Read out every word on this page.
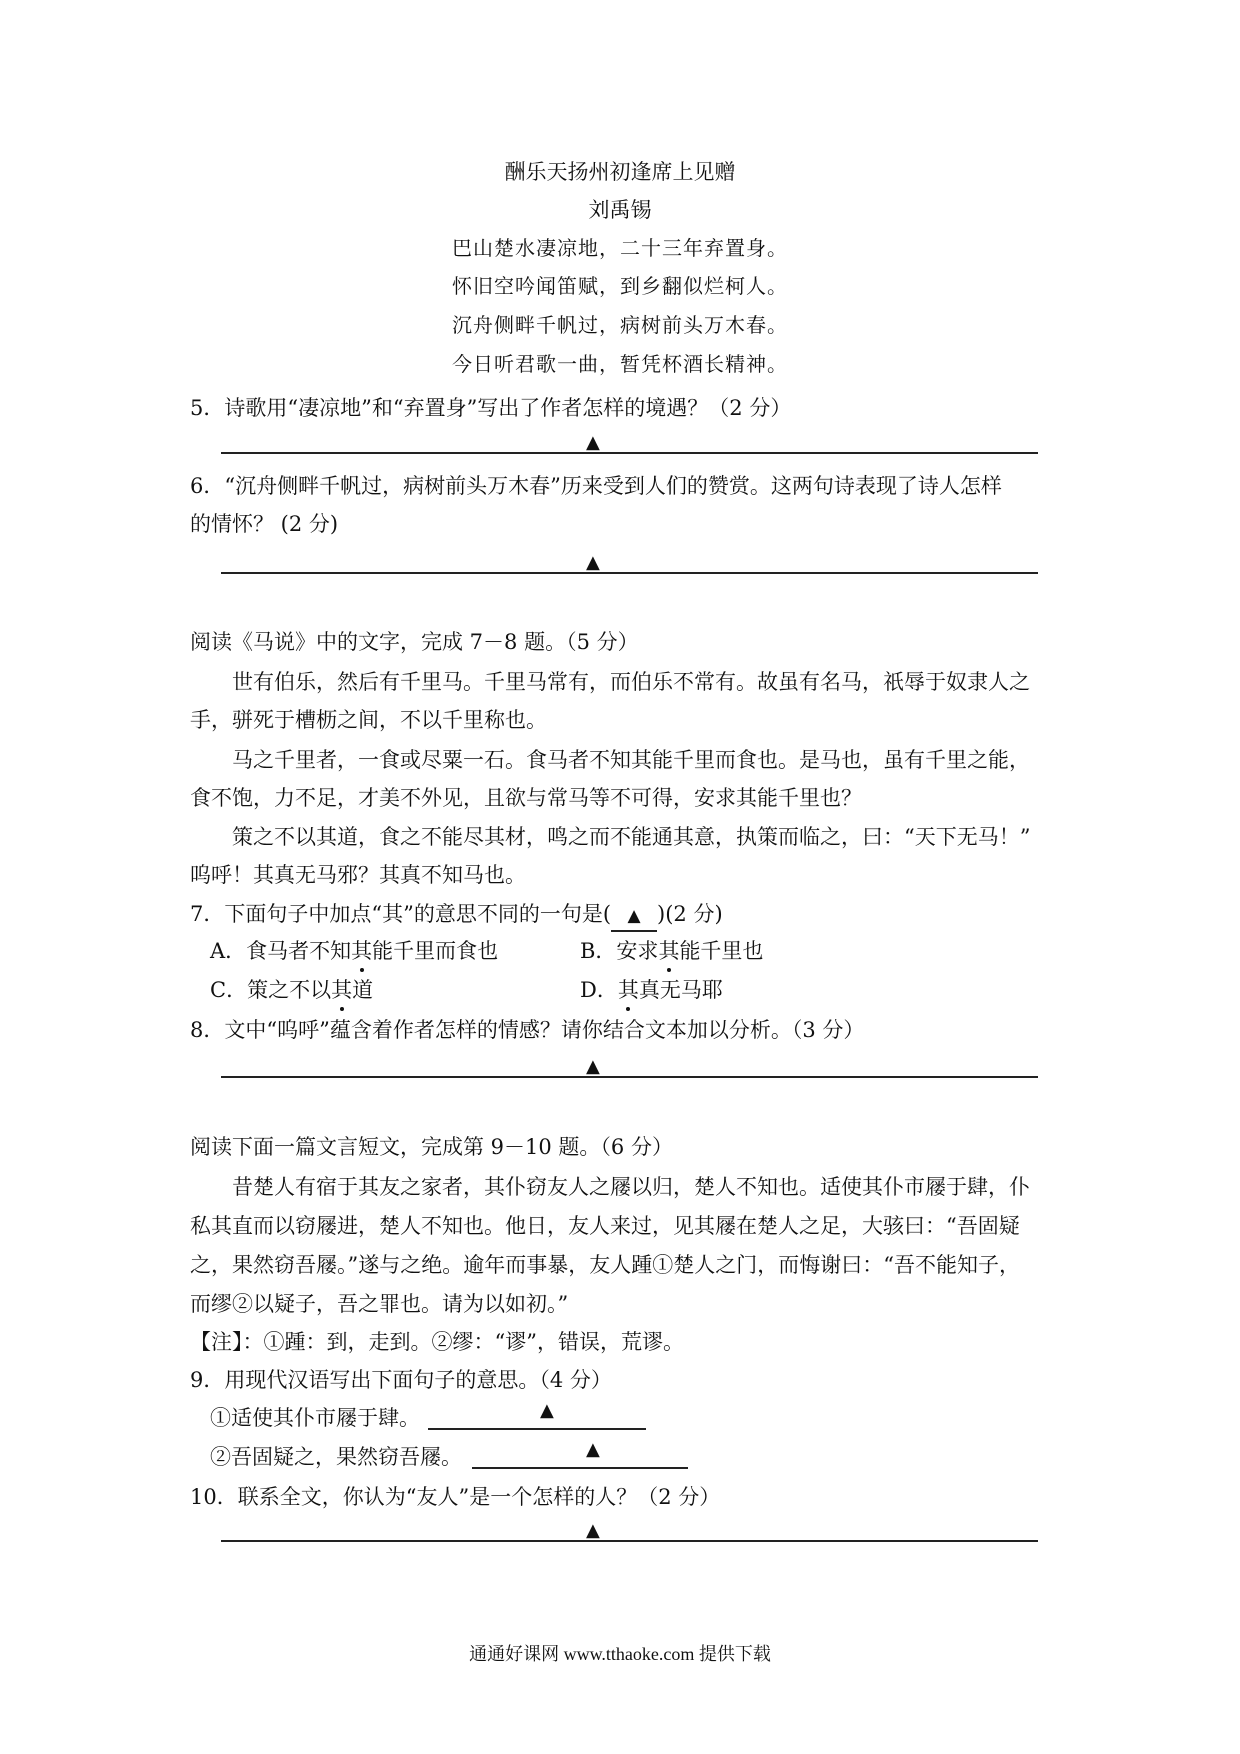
酬乐天扬州初逢席上见赠
刘禹锡
巴山楚水凄凉地，二十三年弃置身。
怀旧空吟闻笛赋，到乡翻似烂柯人。
沉舟侧畔千帆过，病树前头万木春。
今日听君歌一曲，暂凭杯酒长精神。
5．诗歌用“凄凉地”和“弃置身”写出了作者怎样的境遇？（2 分）
▲
6．“沉舟侧畔千帆过，病树前头万木春”历来受到人们的赞赏。这两句诗表现了诗人怎样
的情怀？ (2 分)
▲
阅读《马说》中的文字，完成 7－8 题。（5 分）
世有伯乐，然后有千里马。千里马常有，而伯乐不常有。故虽有名马，祇辱于奴隶人之
手，骈死于槽枥之间，不以千里称也。
马之千里者，一食或尽粟一石。食马者不知其能千里而食也。是马也，虽有千里之能，
食不饱，力不足，才美不外见，且欲与常马等不可得，安求其能千里也？
策之不以其道，食之不能尽其材，鸣之而不能通其意，执策而临之，曰：“天下无马！”
呜呼！其真无马邪？其真不知马也。
7．下面句子中加点“其”的意思不同的一句是( ▲ )(2 分)
A．食马者不知其能千里而食也	B．安求其能千里也
C．策之不以其道	D．其真无马耶
8．文中“呜呼”蕴含着作者怎样的情感？请你结合文本加以分析。（3 分）
▲
阅读下面一篇文言短文，完成第 9－10 题。（6 分）
昔楚人有宿于其友之家者，其仆窃友人之屦以归，楚人不知也。适使其仆市屦于肆，仆
私其直而以窃屦进，楚人不知也。他日，友人来过，见其屦在楚人之足，大骇曰：“吾固疑
之，果然窃吾屦。”遂与之绝。逾年而事暴，友人踵①楚人之门，而悔谢曰：“吾不能知子，
而缪②以疑子，吾之罪也。请为以如初。”
【注】：①踵：到，走到。②缪：“谬”，错误，荒谬。
9．用现代汉语写出下面句子的意思。（4 分）
①适使其仆市屦于肆。	▲
②吾固疑之，果然窃吾屦。	▲
10．联系全文，你认为“友人”是一个怎样的人？（2 分）
▲
通通好课网 www.tthaoke.com 提供下载
